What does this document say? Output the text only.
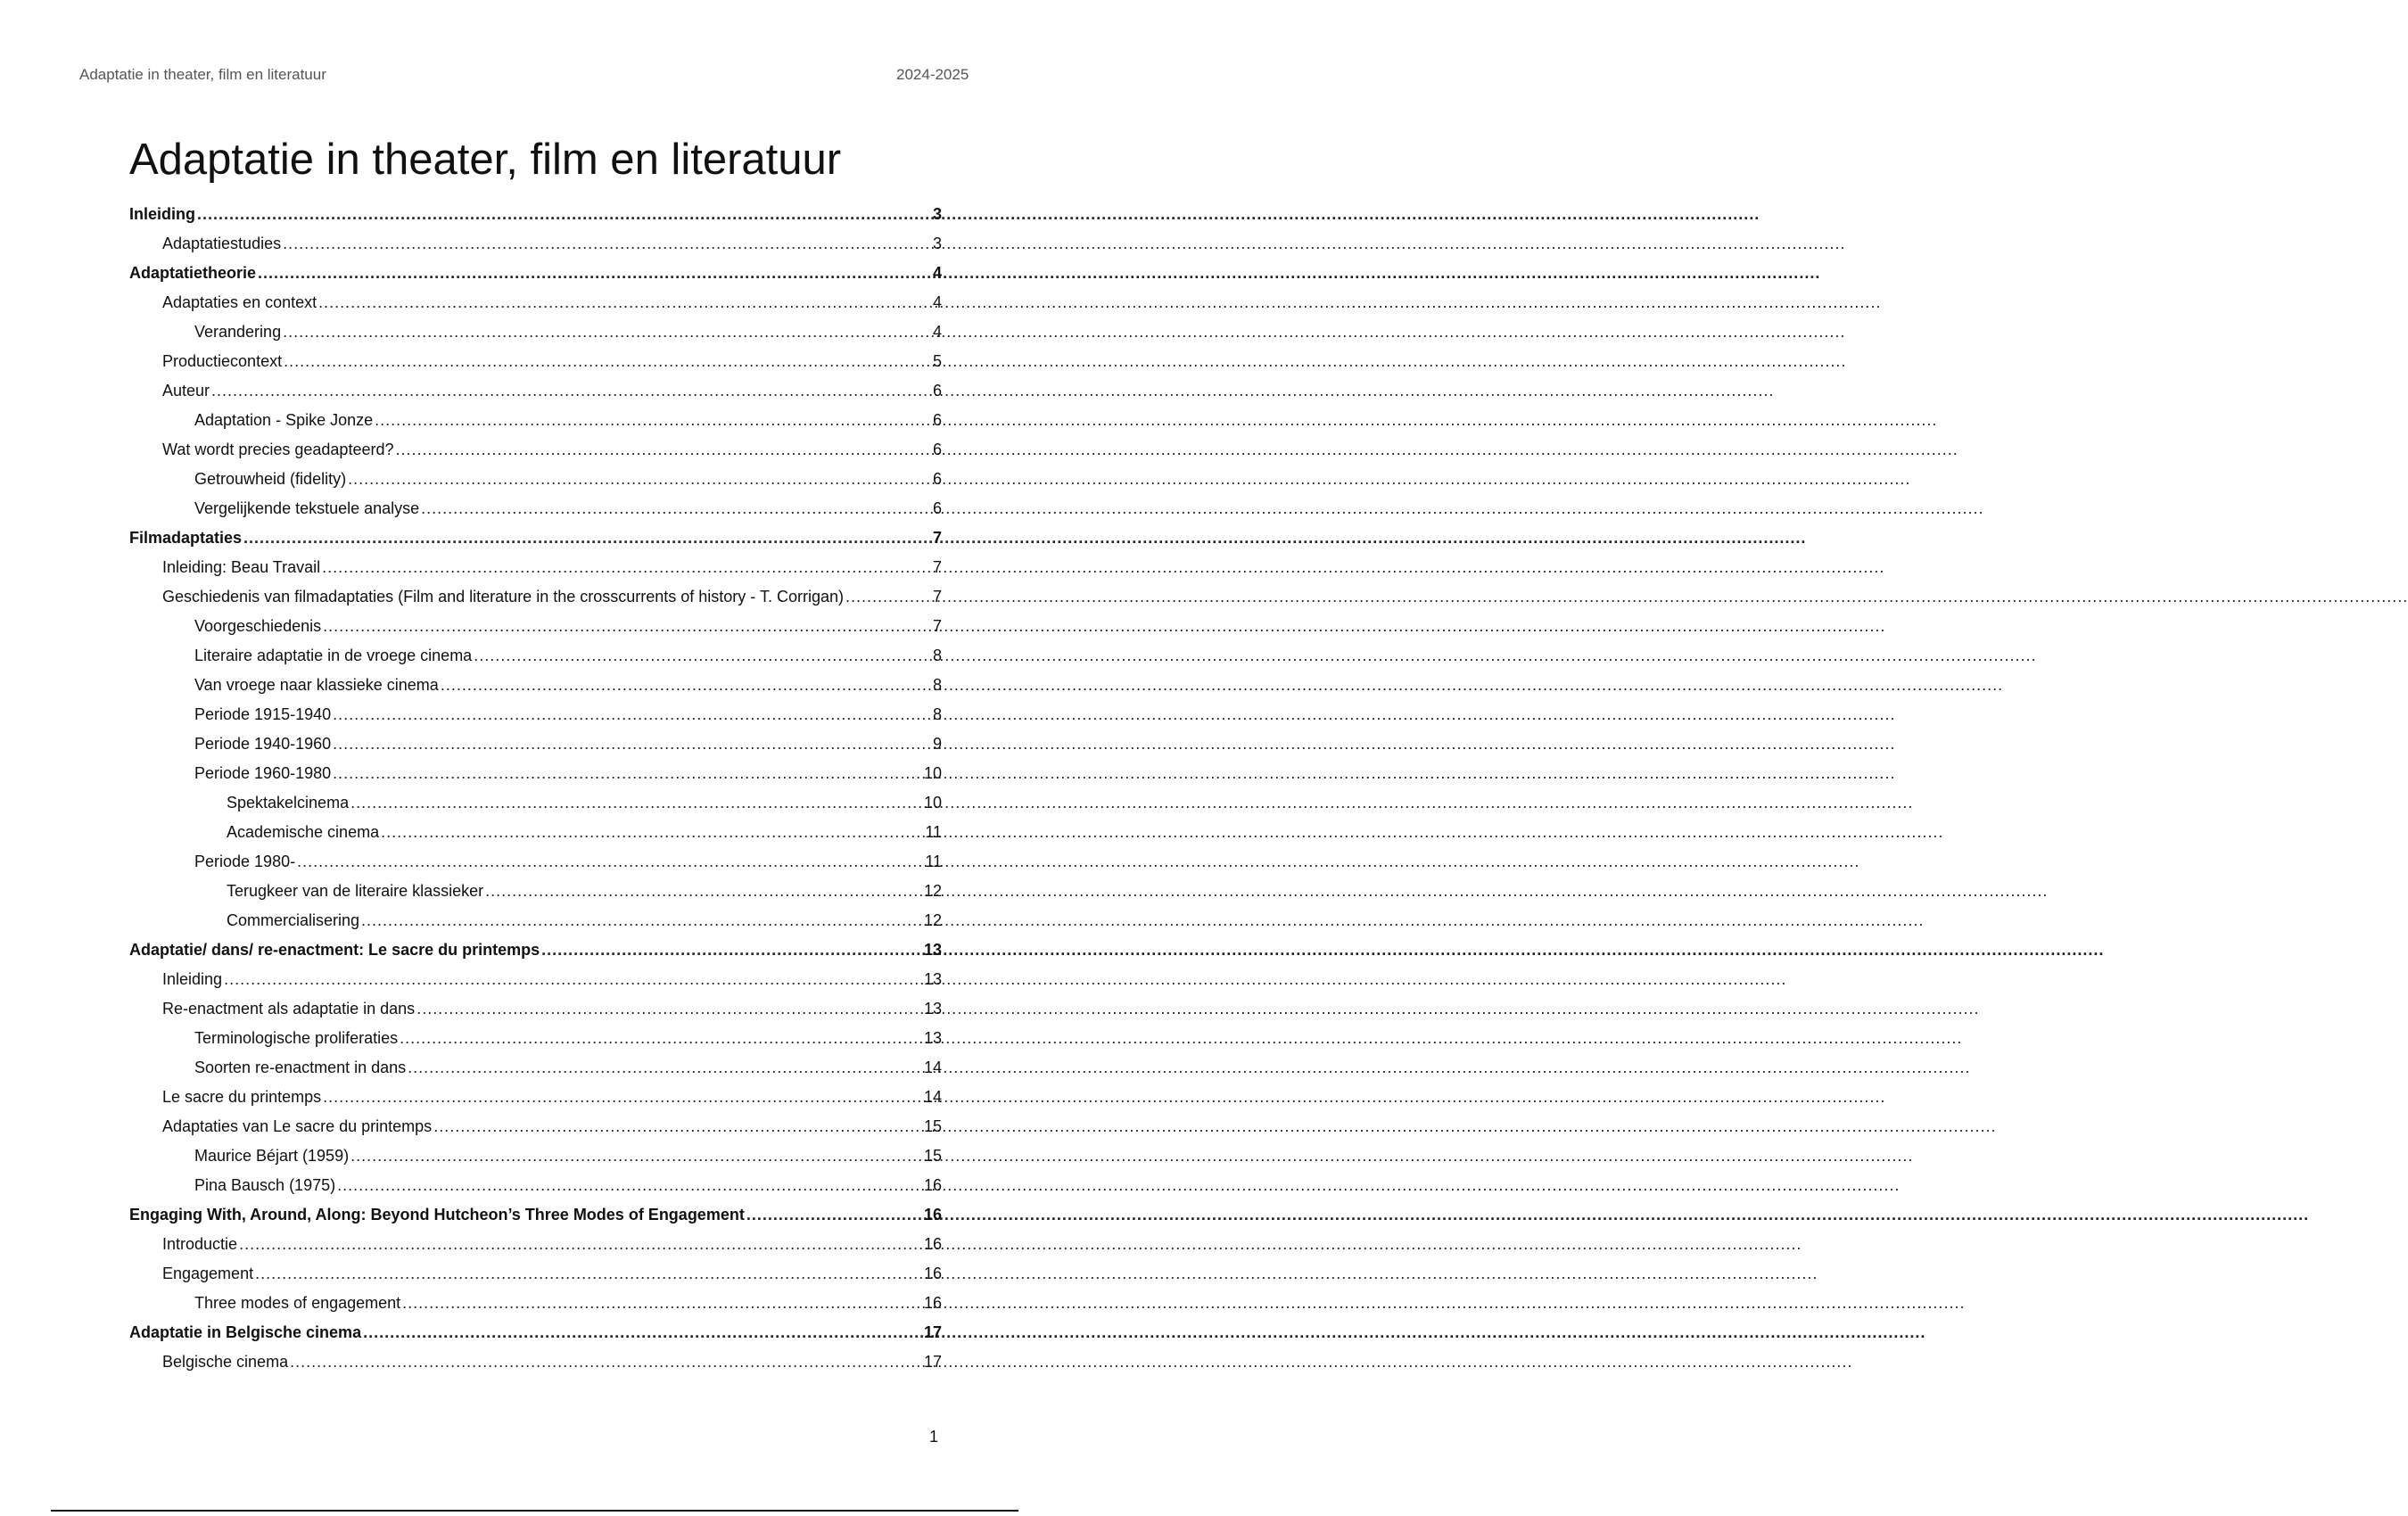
Adaptatie in theater, film en literatuur	2024-2025
Adaptatie in theater, film en literatuur
Inleiding .....	3
Adaptatiestudies .....	3
Adaptatietheorie .....	4
Adaptaties en context .....	4
Verandering .....	4
Productiecontext .....	5
Auteur .....	6
Adaptation - Spike Jonze .....	6
Wat wordt precies geadapteerd? .....	6
Getrouwheid (fidelity) .....	6
Vergelijkende tekstuele analyse .....	6
Filmadaptaties .....	7
Inleiding: Beau Travail .....	7
Geschiedenis van filmadaptaties (Film and literature in the crosscurrents of history - T. Corrigan) .....	7
Voorgeschiedenis .....	7
Literaire adaptatie in de vroege cinema .....	8
Van vroege naar klassieke cinema .....	8
Periode 1915-1940 .....	8
Periode 1940-1960 .....	9
Periode 1960-1980 .....	10
Spektakelcinema .....	10
Academische cinema .....	11
Periode 1980- .....	11
Terugkeer van de literaire klassieker .....	12
Commercialisering .....	12
Adaptatie/ dans/ re-enactment: Le sacre du printemps .....	13
Inleiding .....	13
Re-enactment als adaptatie in dans .....	13
Terminologische proliferaties .....	13
Soorten re-enactment in dans .....	14
Le sacre du printemps .....	14
Adaptaties van Le sacre du printemps .....	15
Maurice Béjart (1959) .....	15
Pina Bausch (1975) .....	16
Engaging With, Around, Along: Beyond Hutcheon’s Three Modes of Engagement .....	16
Introductie .....	16
Engagement .....	16
Three modes of engagement .....	16
Adaptatie in Belgische cinema .....	17
Belgische cinema .....	17
1
